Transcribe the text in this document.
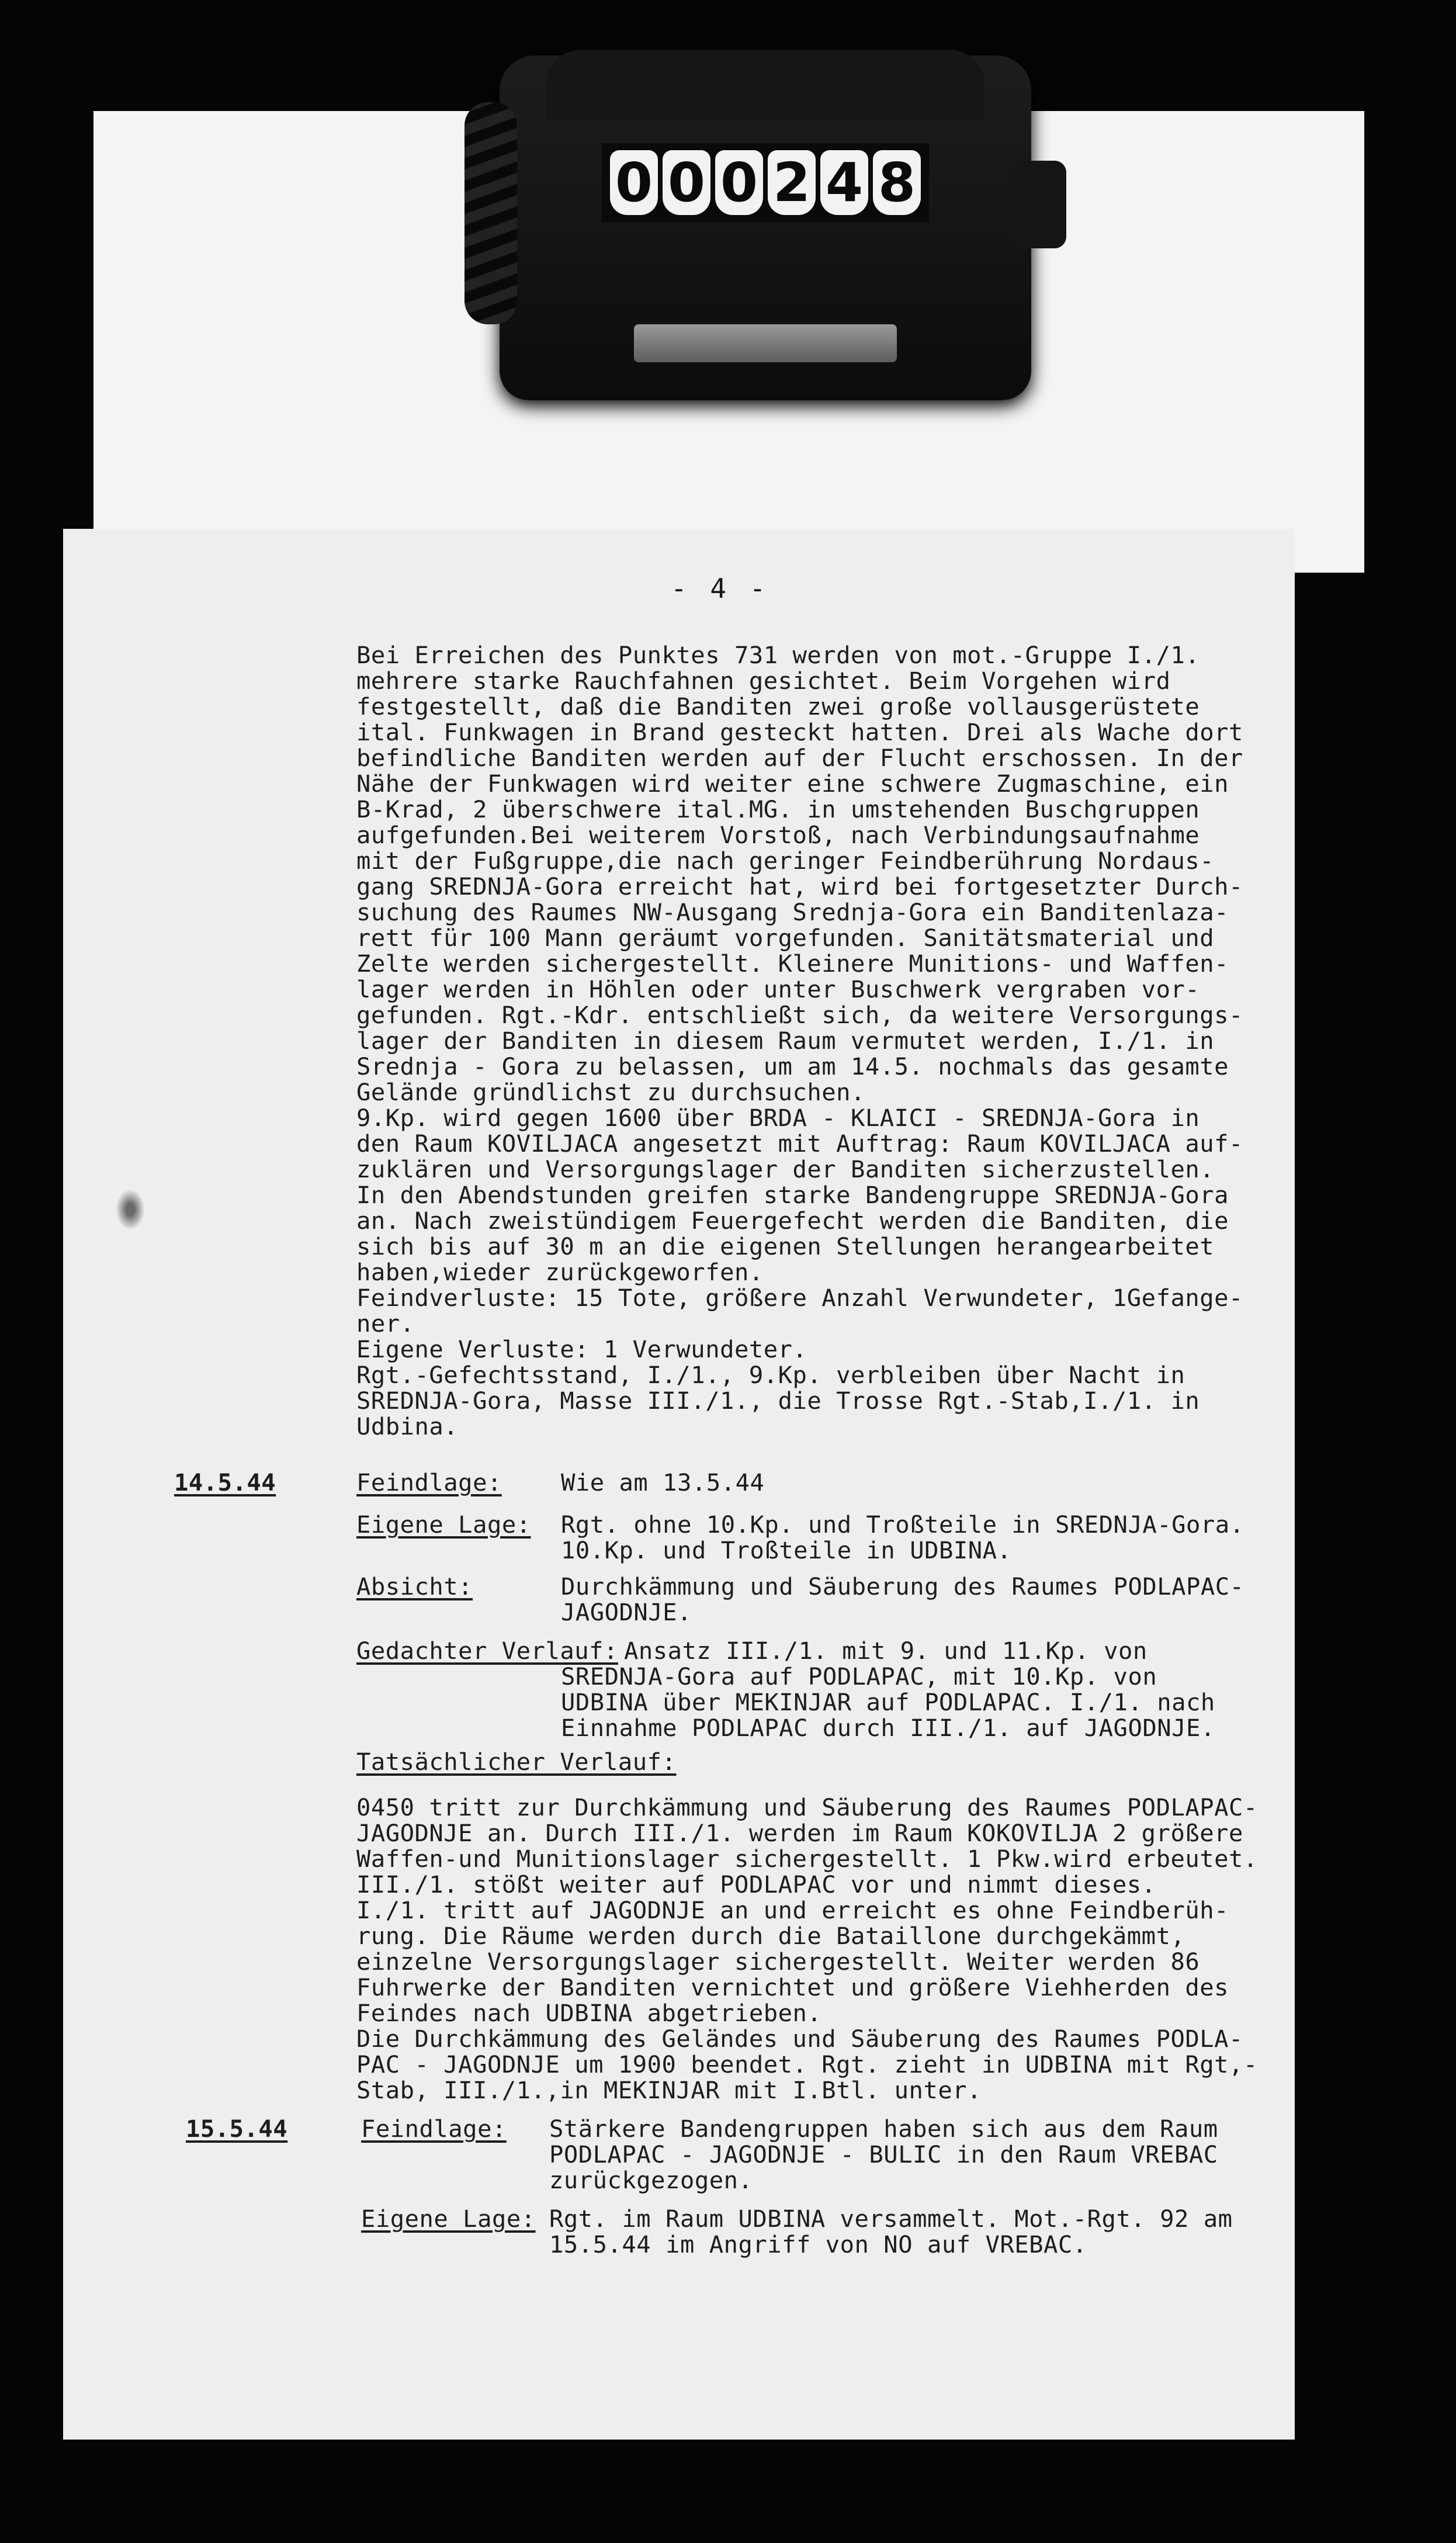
0 0 0 2 4 8
- 4 -
Bei Erreichen des Punktes 731 werden von mot.-Gruppe I./1.
mehrere starke Rauchfahnen gesichtet. Beim Vorgehen wird
festgestellt, daß die Banditen zwei große vollausgerüstete
ital. Funkwagen in Brand gesteckt hatten. Drei als Wache dort
befindliche Banditen werden auf der Flucht erschossen. In der
Nähe der Funkwagen wird weiter eine schwere Zugmaschine, ein
B-Krad, 2 überschwere ital.MG. in umstehenden Buschgruppen
aufgefunden.Bei weiterem Vorstoß, nach Verbindungsaufnahme
mit der Fußgruppe,die nach geringer Feindberührung Nordaus-
gang SREDNJA-Gora erreicht hat, wird bei fortgesetzter Durch-
suchung des Raumes NW-Ausgang Srednja-Gora ein Banditenlaza-
rett für 100 Mann geräumt vorgefunden. Sanitätsmaterial und
Zelte werden sichergestellt. Kleinere Munitions- und Waffen-
lager werden in Höhlen oder unter Buschwerk vergraben vor-
gefunden. Rgt.-Kdr. entschließt sich, da weitere Versorgungs-
lager der Banditen in diesem Raum vermutet werden, I./1. in
Srednja - Gora zu belassen, um am 14.5. nochmals das gesamte
Gelände gründlichst zu durchsuchen.
9.Kp. wird gegen 1600 über BRDA - KLAICI - SREDNJA-Gora in
den Raum KOVILJACA angesetzt mit Auftrag: Raum KOVILJACA auf-
zuklären und Versorgungslager der Banditen sicherzustellen.
In den Abendstunden greifen starke Bandengruppe SREDNJA-Gora
an. Nach zweistündigem Feuergefecht werden die Banditen, die
sich bis auf 30 m an die eigenen Stellungen herangearbeitet
haben,wieder zurückgeworfen.
Feindverluste: 15 Tote, größere Anzahl Verwundeter, 1Gefange-
ner.
Eigene Verluste: 1 Verwundeter.
Rgt.-Gefechtsstand, I./1., 9.Kp. verbleiben über Nacht in
SREDNJA-Gora, Masse III./1., die Trosse Rgt.-Stab,I./1. in
Udbina.
14.5.44	Feindlage: Wie am 13.5.44
Eigene Lage: Rgt. ohne 10.Kp. und Troßteile in SREDNJA-Gora.
10.Kp. und Troßteile in UDBINA.
Absicht:	Durchkämmung und Säuberung des Raumes PODLAPAC-
JAGODNJE.
Gedachter Verlauf: Ansatz III./1. mit 9. und 11.Kp. von
SREDNJA-Gora auf PODLAPAC, mit 10.Kp. von
UDBINA über MEKINJAR auf PODLAPAC. I./1. nach
Einnahme PODLAPAC durch III./1. auf JAGODNJE.
Tatsächlicher Verlauf:
0450 tritt zur Durchkämmung und Säuberung des Raumes PODLAPAC-
JAGODNJE an. Durch III./1. werden im Raum KOKOVILJA 2 größere
Waffen-und Munitionslager sichergestellt. 1 Pkw.wird erbeutet.
III./1. stößt weiter auf PODLAPAC vor und nimmt dieses.
I./1. tritt auf JAGODNJE an und erreicht es ohne Feindberüh-
rung. Die Räume werden durch die Bataillone durchgekämmt,
einzelne Versorgungslager sichergestellt. Weiter werden 86
Fuhrwerke der Banditen vernichtet und größere Viehherden des
Feindes nach UDBINA abgetrieben.
Die Durchkämmung des Geländes und Säuberung des Raumes PODLA-
PAC - JAGODNJE um 1900 beendet. Rgt. zieht in UDBINA mit Rgt,-
Stab, III./1.,in MEKINJAR mit I.Btl. unter.
15.5.44	Feindlage: Stärkere Bandengruppen haben sich aus dem Raum
PODLAPAC - JAGODNJE - BULIC in den Raum VREBAC
zurückgezogen.
Eigene Lage: Rgt. im Raum UDBINA versammelt. Mot.-Rgt. 92 am
15.5.44 im Angriff von NO auf VREBAC.
